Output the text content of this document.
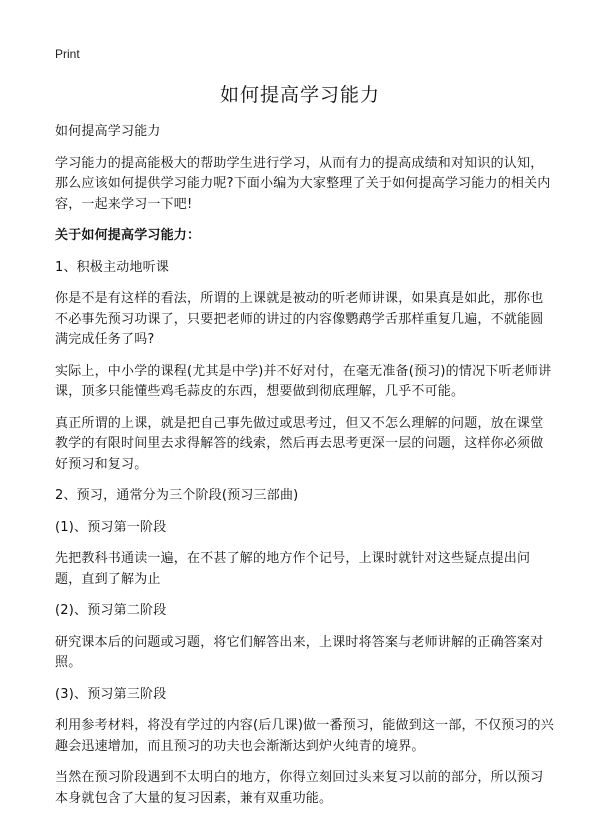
Print
如何提高学习能力

如何提高学习能力

学习能力的提高能极大的帮助学生进行学习，从而有力的提高成绩和对知识的认知，那么应该如何提供学习能力呢?下面小编为大家整理了关于如何提高学习能力的相关内容，一起来学习一下吧!

关于如何提高学习能力：

1、积极主动地听课

你是不是有这样的看法，所谓的上课就是被动的听老师讲课，如果真是如此，那你也不必事先预习功课了，只要把老师的讲过的内容像鹦鹉学舌那样重复几遍，不就能圆满完成任务了吗?

实际上，中小学的课程(尤其是中学)并不好对付，在毫无准备(预习)的情况下听老师讲课，顶多只能懂些鸡毛蒜皮的东西，想要做到彻底理解，几乎不可能。

真正所谓的上课，就是把自己事先做过或思考过，但又不怎么理解的问题，放在课堂教学的有限时间里去求得解答的线索，然后再去思考更深一层的问题，这样你必须做好预习和复习。

2、预习，通常分为三个阶段(预习三部曲)

(1)、预习第一阶段

先把教科书通读一遍，在不甚了解的地方作个记号，上课时就针对这些疑点提出问题，直到了解为止

(2)、预习第二阶段

研究课本后的问题或习题，将它们解答出来，上课时将答案与老师讲解的正确答案对照。

(3)、预习第三阶段

利用参考材料，将没有学过的内容(后几课)做一番预习，能做到这一部，不仅预习的兴趣会迅速增加，而且预习的功夫也会渐渐达到炉火纯青的境界。

当然在预习阶段遇到不太明白的地方，你得立刻回过头来复习以前的部分，所以预习本身就包含了大量的复习因素，兼有双重功能。
